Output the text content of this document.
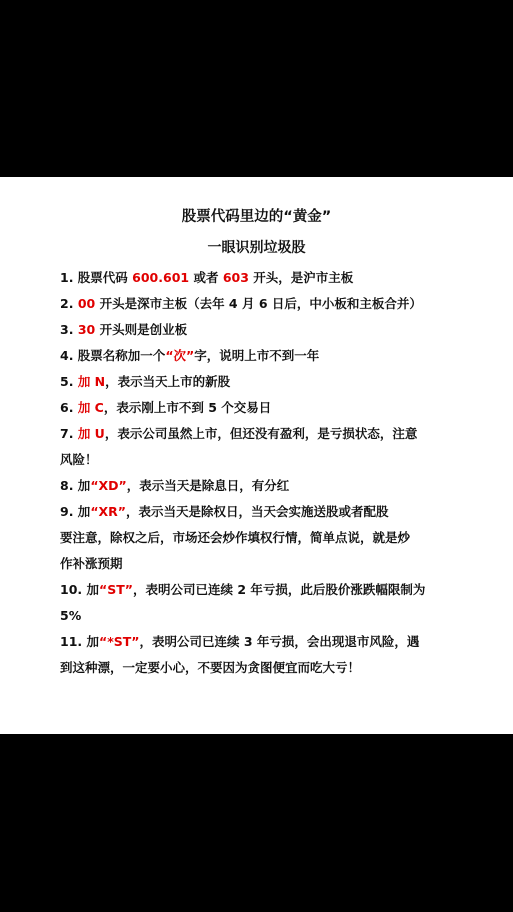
股票代码里边的“黄金”
一眼识别垃圾股
1. 股票代码 600.601 或者 603 开头，是沪市主板
2. 00 开头是深市主板（去年 4 月 6 日后，中小板和主板合并）
3. 30 开头则是创业板
4. 股票名称加一个“次”字，说明上市不到一年
5. 加 N，表示当天上市的新股
6. 加 C，表示刚上市不到 5 个交易日
7. 加 U，表示公司虽然上市，但还没有盈利，是亏损状态，注意
风险！
8. 加“XD”，表示当天是除息日，有分红
9. 加“XR”，表示当天是除权日，当天会实施送股或者配股
要注意，除权之后，市场还会炒作填权行情，简单点说，就是炒
作补涨预期
10. 加“ST”，表明公司已连续 2 年亏损，此后股价涨跌幅限制为
5%
11. 加“*ST”，表明公司已连续 3 年亏损，会出现退市风险，遇
到这种漂，一定要小心，不要因为贪图便宜而吃大亏！
